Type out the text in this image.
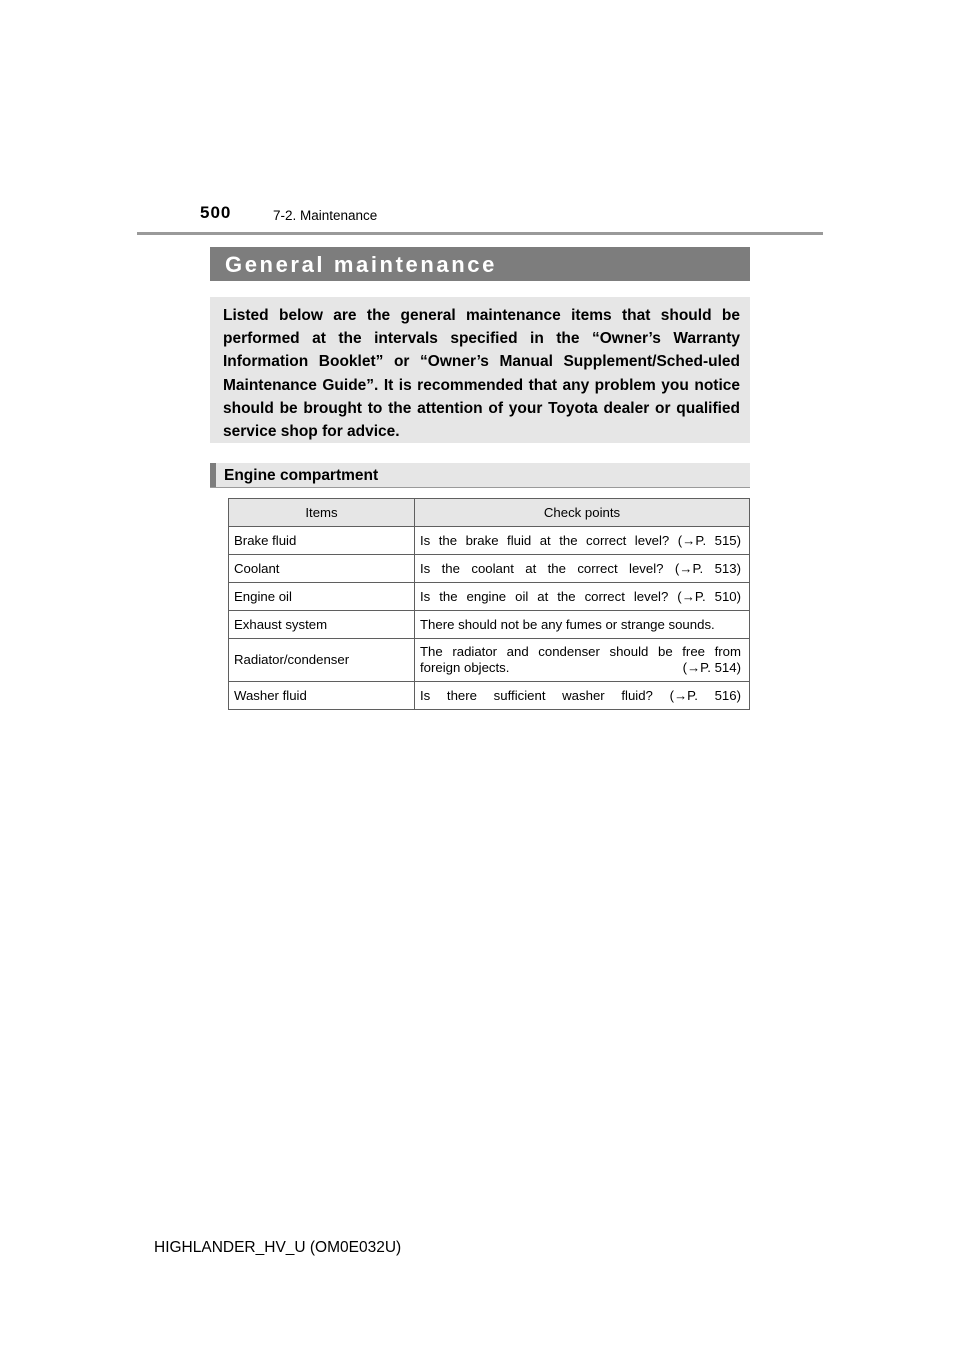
500	7-2. Maintenance
General maintenance
Listed below are the general maintenance items that should be performed at the intervals specified in the “Owner’s Warranty Information Booklet” or “Owner’s Manual Supplement/Sched-uled Maintenance Guide”. It is recommended that any problem you notice should be brought to the attention of your Toyota dealer or qualified service shop for advice.
Engine compartment
Items	Check points
Brake fluid	Is the brake fluid at the correct level? (→P. 515)
Coolant	Is the coolant at the correct level? (→P. 513)
Engine oil	Is the engine oil at the correct level? (→P. 510)
Exhaust system	There should not be any fumes or strange sounds.
Radiator/condenser	The radiator and condenser should be free from foreign objects. (→P. 514)

Washer fluid	Is there sufficient washer fluid? (→P. 516)
HIGHLANDER_HV_U (OM0E032U)
